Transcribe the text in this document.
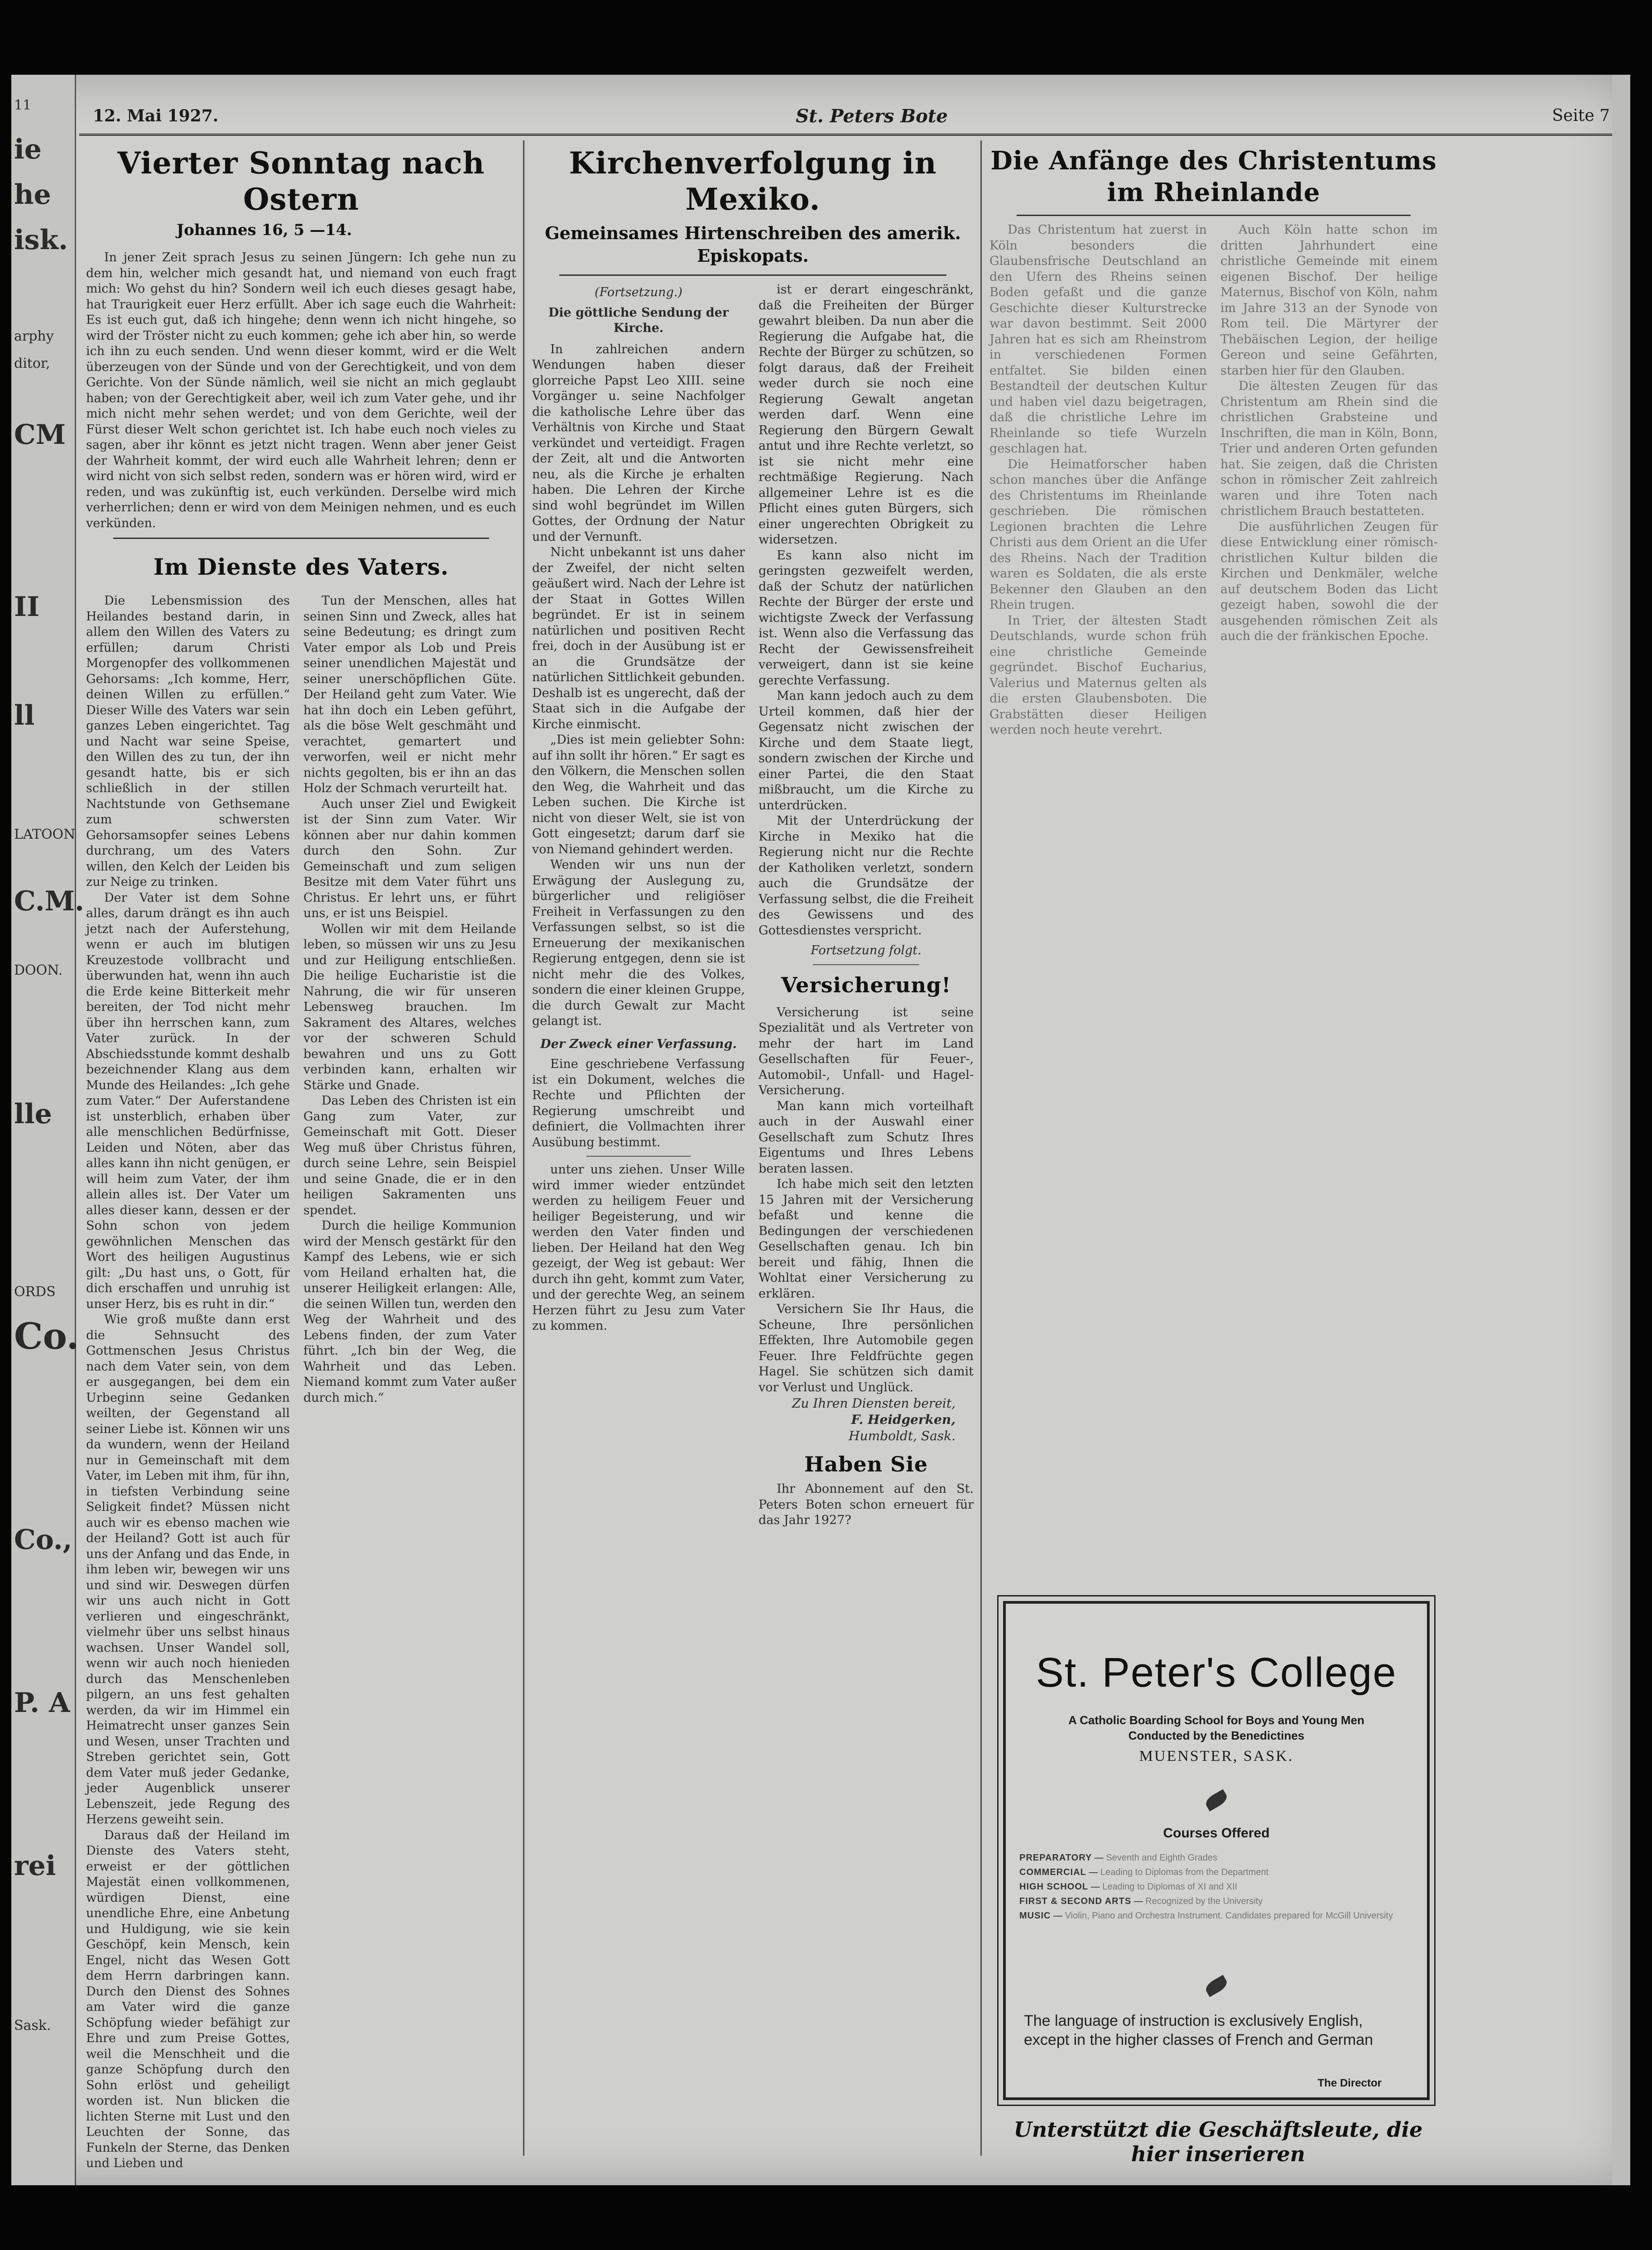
11
ie
he
isk.
arphy
ditor,
CM
II
ll
LATOON
C.M.
DOON.
lle
ORDS
Co.
Co.,
P. A
rei
Sask.
12. Mai 1927.	St. Peters Bote	Seite 7
Vierter Sonntag nach Ostern
Johannes 16, 5 —14.

In jener Zeit sprach Jesus zu seinen Jüngern: Ich gehe nun zu dem hin, welcher mich gesandt hat, und niemand von euch fragt mich: Wo gehst du hin? Sondern weil ich euch dieses gesagt habe, hat Traurigkeit euer Herz erfüllt. Aber ich sage euch die Wahrheit: Es ist euch gut, daß ich hingehe; denn wenn ich nicht hingehe, so wird der Tröster nicht zu euch kommen; gehe ich aber hin, so werde ich ihn zu euch senden. Und wenn dieser kommt, wird er die Welt überzeugen von der Sünde und von der Gerechtigkeit, und von dem Gerichte. Von der Sünde nämlich, weil sie nicht an mich geglaubt haben; von der Gerechtigkeit aber, weil ich zum Vater gehe, und ihr mich nicht mehr sehen werdet; und von dem Gerichte, weil der Fürst dieser Welt schon gerichtet ist. Ich habe euch noch vieles zu sagen, aber ihr könnt es jetzt nicht tragen. Wenn aber jener Geist der Wahrheit kommt, der wird euch alle Wahrheit lehren; denn er wird nicht von sich selbst reden, sondern was er hören wird, wird er reden, und was zukünftig ist, euch verkünden. Derselbe wird mich verherrlichen; denn er wird von dem Meinigen nehmen, und es euch verkünden.

Im Dienste des Vaters.

Die Lebensmission des Heilandes bestand darin, in allem den Willen des Vaters zu erfüllen; darum Christi Morgenopfer des vollkommenen Gehorsams: „Ich komme, Herr, deinen Willen zu erfüllen.“ Dieser Wille des Vaters war sein ganzes Leben eingerichtet. Tag und Nacht war seine Speise, den Willen des zu tun, der ihn gesandt hatte, bis er sich schließlich in der stillen Nachtstunde von Gethsemane zum schwersten Gehorsamsopfer seines Lebens durchrang, um des Vaters willen, den Kelch der Leiden bis zur Neige zu trinken.

Der Vater ist dem Sohne alles, darum drängt es ihn auch jetzt nach der Auferstehung, wenn er auch im blutigen Kreuzestode vollbracht und überwunden hat, wenn ihn auch die Erde keine Bitterkeit mehr bereiten, der Tod nicht mehr über ihn herrschen kann, zum Vater zurück. In der Abschiedsstunde kommt deshalb bezeichnender Klang aus dem Munde des Heilandes: „Ich gehe zum Vater.“ Der Auferstandene ist unsterblich, erhaben über alle menschlichen Bedürfnisse, Leiden und Nöten, aber das alles kann ihn nicht genügen, er will heim zum Vater, der ihm allein alles ist. Der Vater um alles dieser kann, dessen er der Sohn schon von jedem gewöhnlichen Menschen das Wort des heiligen Augustinus gilt: „Du hast uns, o Gott, für dich erschaffen und unruhig ist unser Herz, bis es ruht in dir.“

Wie groß mußte dann erst die Sehnsucht des Gottmenschen Jesus Christus nach dem Vater sein, von dem er ausgegangen, bei dem ein Urbeginn seine Gedanken weilten, der Gegenstand all seiner Liebe ist. Können wir uns da wundern, wenn der Heiland nur in Gemeinschaft mit dem Vater, im Leben mit ihm, für ihn, in tiefsten Verbindung seine Seligkeit findet? Müssen nicht auch wir es ebenso machen wie der Heiland? Gott ist auch für uns der Anfang und das Ende, in ihm leben wir, bewegen wir uns und sind wir. Deswegen dürfen wir uns auch nicht in Gott verlieren und eingeschränkt, vielmehr über uns selbst hinaus wachsen. Unser Wandel soll, wenn wir auch noch hienieden durch das Menschenleben pilgern, an uns fest gehalten werden, da wir im Himmel ein Heimatrecht unser ganzes Sein und Wesen, unser Trachten und Streben gerichtet sein, Gott dem Vater muß jeder Gedanke, jeder Augenblick unserer Lebenszeit, jede Regung des Herzens geweiht sein.

Daraus daß der Heiland im Dienste des Vaters steht, erweist er der göttlichen Majestät einen vollkommenen, würdigen Dienst, eine unendliche Ehre, eine Anbetung und Huldigung, wie sie kein Geschöpf, kein Mensch, kein Engel, nicht das Wesen Gott dem Herrn darbringen kann. Durch den Dienst des Sohnes am Vater wird die ganze Schöpfung wieder befähigt zur Ehre und zum Preise Gottes, weil die Menschheit und die ganze Schöpfung durch den Sohn erlöst und geheiligt worden ist. Nun blicken die lichten Sterne mit Lust und den Leuchten der Sonne, das Funkeln der Sterne, das Denken und Lieben und

Tun der Menschen, alles hat seinen Sinn und Zweck, alles hat seine Bedeutung; es dringt zum Vater empor als Lob und Preis seiner unendlichen Majestät und seiner unerschöpflichen Güte. Der Heiland geht zum Vater. Wie hat ihn doch ein Leben geführt, als die böse Welt geschmäht und verachtet, gemartert und verworfen, weil er nicht mehr nichts gegolten, bis er ihn an das Holz der Schmach verurteilt hat.

Auch unser Ziel und Ewigkeit ist der Sinn zum Vater. Wir können aber nur dahin kommen durch den Sohn. Zur Gemeinschaft und zum seligen Besitze mit dem Vater führt uns Christus. Er lehrt uns, er führt uns, er ist uns Beispiel.

Wollen wir mit dem Heilande leben, so müssen wir uns zu Jesu und zur Heiligung entschließen. Die heilige Eucharistie ist die Nahrung, die wir für unseren Lebensweg brauchen. Im Sakrament des Altares, welches vor der schweren Schuld bewahren und uns zu Gott verbinden kann, erhalten wir Stärke und Gnade.

Das Leben des Christen ist ein Gang zum Vater, zur Gemeinschaft mit Gott. Dieser Weg muß über Christus führen, durch seine Lehre, sein Beispiel und seine Gnade, die er in den heiligen Sakramenten uns spendet.

Durch die heilige Kommunion wird der Mensch gestärkt für den Kampf des Lebens, wie er sich vom Heiland erhalten hat, die unserer Heiligkeit erlangen: Alle, die seinen Willen tun, werden den Weg der Wahrheit und des Lebens finden, der zum Vater führt. „Ich bin der Weg, die Wahrheit und das Leben. Niemand kommt zum Vater außer durch mich.“

Kirchenverfolgung in Mexiko.
Gemeinsames Hirtenschreiben des amerik. Episkopats.
(Fortsetzung.)
Die göttliche Sendung der Kirche.

In zahlreichen andern Wendungen haben dieser glorreiche Papst Leo XIII. seine Vorgänger u. seine Nachfolger die katholische Lehre über das Verhältnis von Kirche und Staat verkündet und verteidigt. Fragen der Zeit, alt und die Antworten neu, als die Kirche je erhalten haben. Die Lehren der Kirche sind wohl begründet im Willen Gottes, der Ordnung der Natur und der Vernunft.

Nicht unbekannt ist uns daher der Zweifel, der nicht selten geäußert wird. Nach der Lehre ist der Staat in Gottes Willen begründet. Er ist in seinem natürlichen und positiven Recht frei, doch in der Ausübung ist er an die Grundsätze der natürlichen Sittlichkeit gebunden. Deshalb ist es ungerecht, daß der Staat sich in die Aufgabe der Kirche einmischt.

„Dies ist mein geliebter Sohn: auf ihn sollt ihr hören.“ Er sagt es den Völkern, die Menschen sollen den Weg, die Wahrheit und das Leben suchen. Die Kirche ist nicht von dieser Welt, sie ist von Gott eingesetzt; darum darf sie von Niemand gehindert werden.

Wenden wir uns nun der Erwägung der Auslegung zu, bürgerlicher und religiöser Freiheit in Verfassungen zu den Verfassungen selbst, so ist die Erneuerung der mexikanischen Regierung entgegen, denn sie ist nicht mehr die des Volkes, sondern die einer kleinen Gruppe, die durch Gewalt zur Macht gelangt ist.

Der Zweck einer Verfassung.

Eine geschriebene Verfassung ist ein Dokument, welches die Rechte und Pflichten der Regierung umschreibt und definiert, die Vollmachten ihrer Ausübung bestimmt.

unter uns ziehen. Unser Wille wird immer wieder entzündet werden zu heiligem Feuer und heiliger Begeisterung, und wir werden den Vater finden und lieben. Der Heiland hat den Weg gezeigt, der Weg ist gebaut: Wer durch ihn geht, kommt zum Vater, und der gerechte Weg, an seinem Herzen führt zu Jesu zum Vater zu kommen.

ist er derart eingeschränkt, daß die Freiheiten der Bürger gewahrt bleiben. Da nun aber die Regierung die Aufgabe hat, die Rechte der Bürger zu schützen, so folgt daraus, daß der Freiheit weder durch sie noch eine Regierung Gewalt angetan werden darf. Wenn eine Regierung den Bürgern Gewalt antut und ihre Rechte verletzt, so ist sie nicht mehr eine rechtmäßige Regierung. Nach allgemeiner Lehre ist es die Pflicht eines guten Bürgers, sich einer ungerechten Obrigkeit zu widersetzen.

Es kann also nicht im geringsten gezweifelt werden, daß der Schutz der natürlichen Rechte der Bürger der erste und wichtigste Zweck der Verfassung ist. Wenn also die Verfassung das Recht der Gewissensfreiheit verweigert, dann ist sie keine gerechte Verfassung.

Man kann jedoch auch zu dem Urteil kommen, daß hier der Gegensatz nicht zwischen der Kirche und dem Staate liegt, sondern zwischen der Kirche und einer Partei, die den Staat mißbraucht, um die Kirche zu unterdrücken.

Mit der Unterdrückung der Kirche in Mexiko hat die Regierung nicht nur die Rechte der Katholiken verletzt, sondern auch die Grundsätze der Verfassung selbst, die die Freiheit des Gewissens und des Gottesdienstes verspricht.

Fortsetzung folgt.
Versicherung!

Versicherung ist seine Spezialität und als Vertreter von mehr der hart im Land Gesellschaften für Feuer-, Automobil-, Unfall- und Hagel-Versicherung.

Man kann mich vorteilhaft auch in der Auswahl einer Gesellschaft zum Schutz Ihres Eigentums und Ihres Lebens beraten lassen.

Ich habe mich seit den letzten 15 Jahren mit der Versicherung befaßt und kenne die Bedingungen der verschiedenen Gesellschaften genau. Ich bin bereit und fähig, Ihnen die Wohltat einer Versicherung zu erklären.

Versichern Sie Ihr Haus, die Scheune, Ihre persönlichen Effekten, Ihre Automobile gegen Feuer. Ihre Feldfrüchte gegen Hagel. Sie schützen sich damit vor Verlust und Unglück.

Zu Ihren Diensten bereit,
F. Heidgerken,
Humboldt, Sask.
Haben Sie

Ihr Abonnement auf den St. Peters Boten schon erneuert für das Jahr 1927?

Die Anfänge des Christentums im Rheinlande

Das Christentum hat zuerst in Köln besonders die Glaubensfrische Deutschland an den Ufern des Rheins seinen Boden gefaßt und die ganze Geschichte dieser Kulturstrecke war davon bestimmt. Seit 2000 Jahren hat es sich am Rheinstrom in verschiedenen Formen entfaltet. Sie bilden einen Bestandteil der deutschen Kultur und haben viel dazu beigetragen, daß die christliche Lehre im Rheinlande so tiefe Wurzeln geschlagen hat.

Die Heimatforscher haben schon manches über die Anfänge des Christentums im Rheinlande geschrieben. Die römischen Legionen brachten die Lehre Christi aus dem Orient an die Ufer des Rheins. Nach der Tradition waren es Soldaten, die als erste Bekenner den Glauben an den Rhein trugen.

In Trier, der ältesten Stadt Deutschlands, wurde schon früh eine christliche Gemeinde gegründet. Bischof Eucharius, Valerius und Maternus gelten als die ersten Glaubensboten. Die Grabstätten dieser Heiligen werden noch heute verehrt.

Auch Köln hatte schon im dritten Jahrhundert eine christliche Gemeinde mit einem eigenen Bischof. Der heilige Maternus, Bischof von Köln, nahm im Jahre 313 an der Synode von Rom teil. Die Märtyrer der Thebäischen Legion, der heilige Gereon und seine Gefährten, starben hier für den Glauben.

Die ältesten Zeugen für das Christentum am Rhein sind die christlichen Grabsteine und Inschriften, die man in Köln, Bonn, Trier und anderen Orten gefunden hat. Sie zeigen, daß die Christen schon in römischer Zeit zahlreich waren und ihre Toten nach christlichem Brauch bestatteten.

Die ausführlichen Zeugen für diese Entwicklung einer römisch-christlichen Kultur bilden die Kirchen und Denkmäler, welche auf deutschem Boden das Licht gezeigt haben, sowohl die der ausgehenden römischen Zeit als auch die der fränkischen Epoche.

St. Peter's College
A Catholic Boarding School for Boys and Young Men
Conducted by the Benedictines
MUENSTER, SASK.
Courses Offered
PREPARATORY — Seventh and Eighth Grades
COMMERCIAL — Leading to Diplomas from the Department
HIGH SCHOOL — Leading to Diplomas of XI and XII
FIRST & SECOND ARTS — Recognized by the University
MUSIC — Violin, Piano and Orchestra Instrument. Candidates prepared for McGill University
The language of instruction is exclusively English, except in the higher classes of French and German
The Director
Unterstützt die Geschäftsleute, die hier inserieren
